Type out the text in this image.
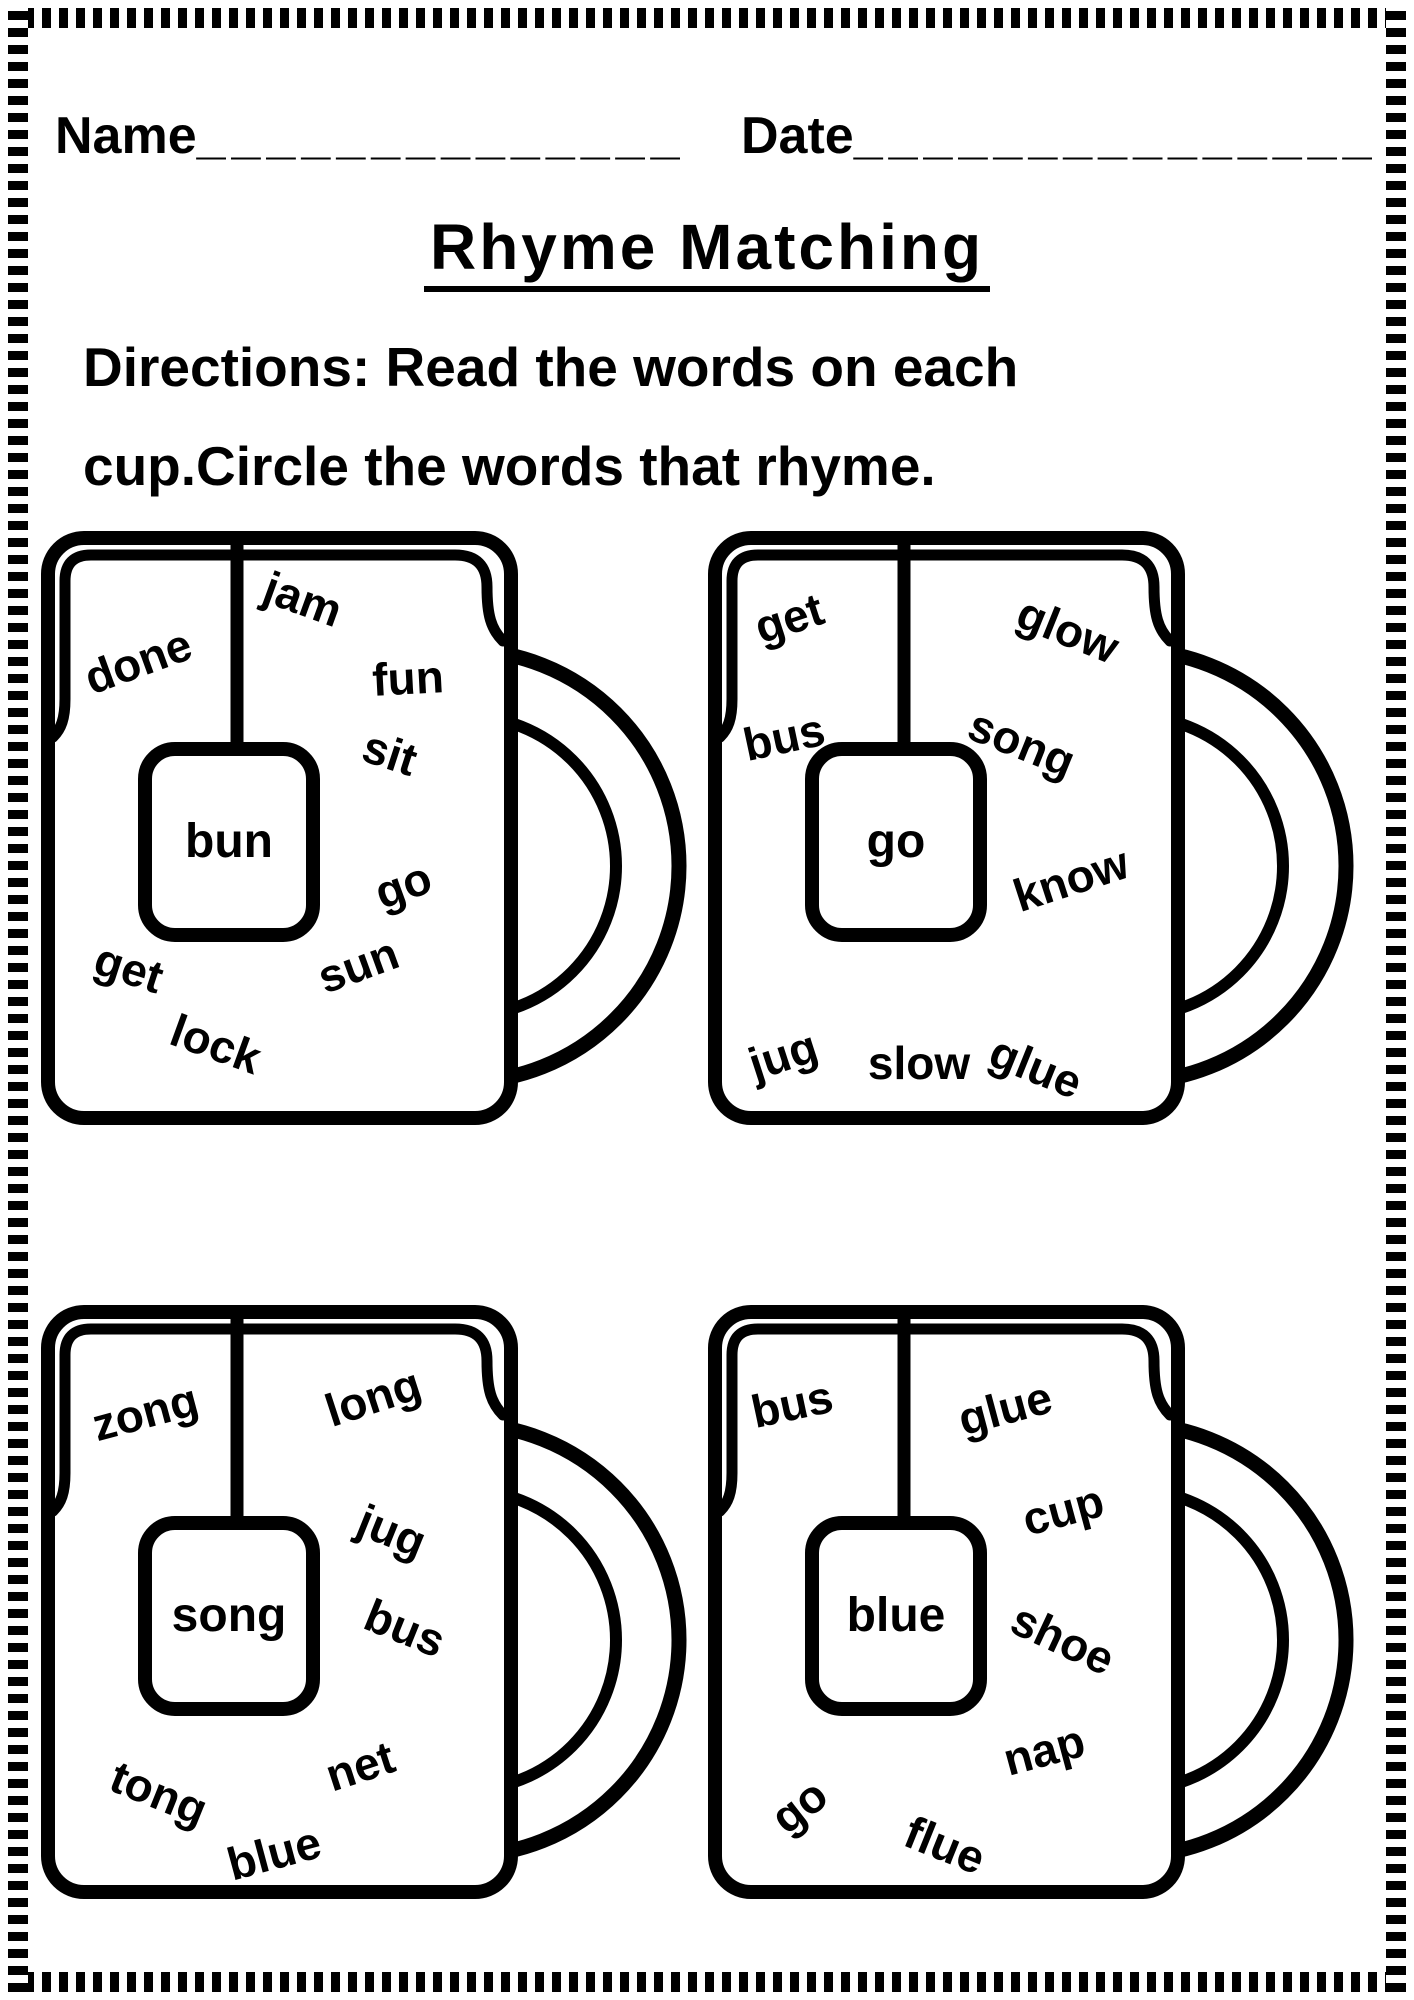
Name______________ Date_______________
Rhyme Matching
Directions: Read the words on each
cup.Circle the words that rhyme.
bun
done
jam
fun
sit
go
sun
get
lock
go
get	glow
bus	song
know
jug	glue
slow
song
zong	long
jug
bus
tong net
blue
blue
bus	glue
cup
shoe
nap
go flue
